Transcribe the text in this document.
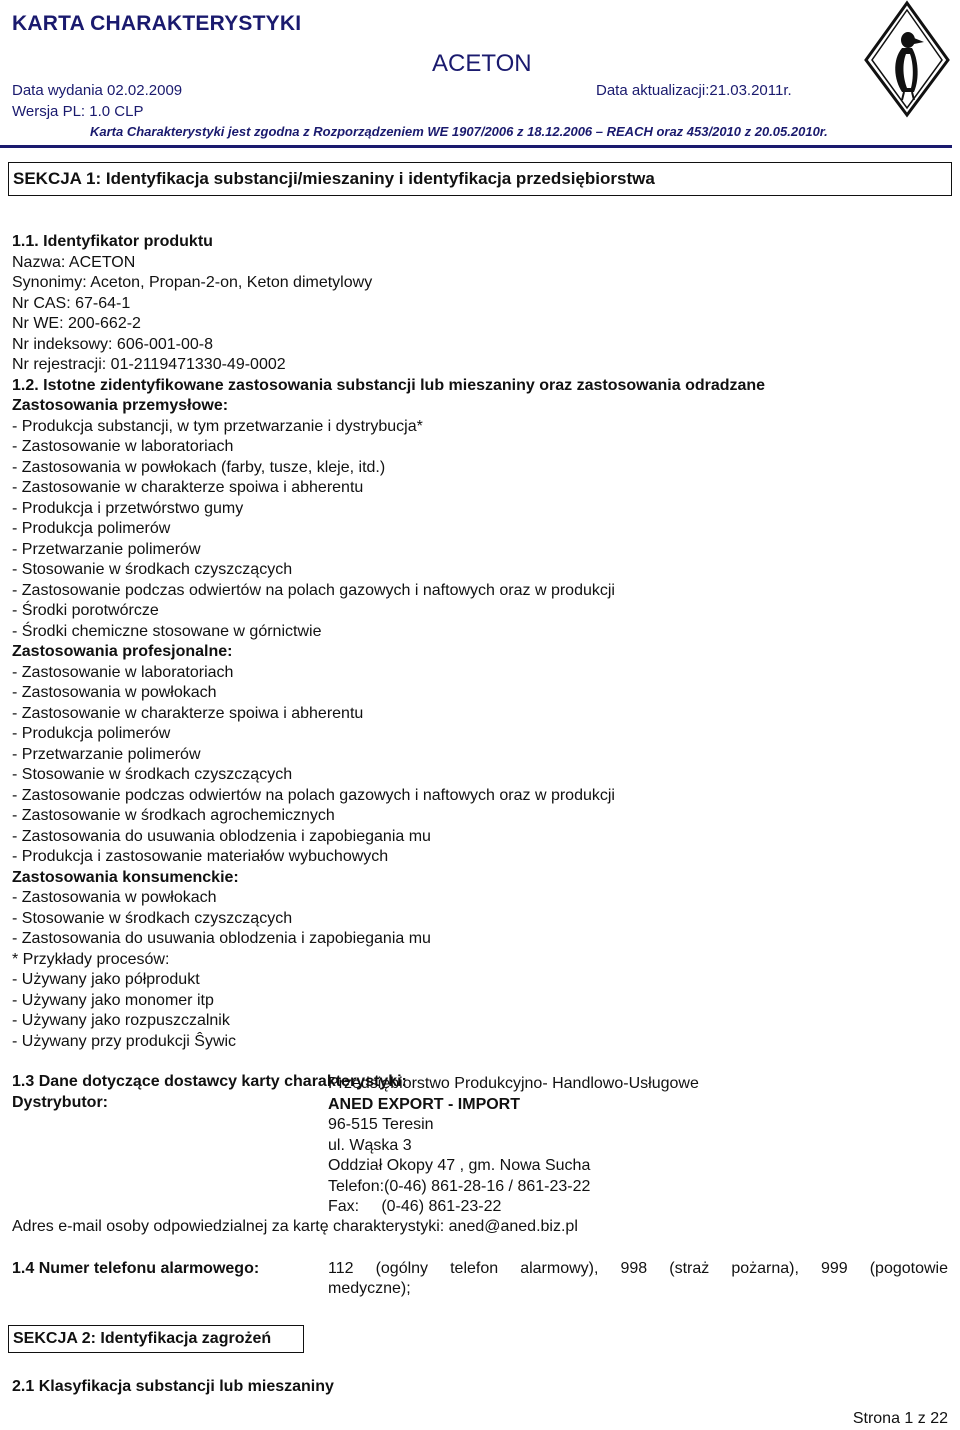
KARTA CHARAKTERYSTYKI
ACETON
Data wydania 02.02.2009	Data aktualizacji:21.03.2011r.
Wersja PL: 1.0 CLP
Karta Charakterystyki jest zgodna z Rozporządzeniem WE 1907/2006 z 18.12.2006 – REACH oraz 453/2010 z 20.05.2010r.
SEKCJA 1: Identyfikacja substancji/mieszaniny i identyfikacja przedsiębiorstwa
1.1. Identyfikator produktu
Nazwa: ACETON
Synonimy: Aceton, Propan-2-on, Keton dimetylowy
Nr CAS: 67-64-1
Nr WE: 200-662-2
Nr indeksowy: 606-001-00-8
Nr rejestracji: 01-2119471330-49-0002
1.2. Istotne zidentyfikowane zastosowania substancji lub mieszaniny oraz zastosowania odradzane
Zastosowania przemysłowe:
- Produkcja substancji, w tym przetwarzanie i dystrybucja*
- Zastosowanie w laboratoriach
- Zastosowania w powłokach (farby, tusze, kleje, itd.)
- Zastosowanie w charakterze spoiwa i abherentu
- Produkcja i przetwórstwo gumy
- Produkcja polimerów
- Przetwarzanie polimerów
- Stosowanie w środkach czyszczących
- Zastosowanie podczas odwiertów na polach gazowych i naftowych oraz w produkcji
- Środki porotwórcze
- Środki chemiczne stosowane w górnictwie
Zastosowania profesjonalne:
- Zastosowanie w laboratoriach
- Zastosowania w powłokach
- Zastosowanie w charakterze spoiwa i abherentu
- Produkcja polimerów
- Przetwarzanie polimerów
- Stosowanie w środkach czyszczących
- Zastosowanie podczas odwiertów na polach gazowych i naftowych oraz w produkcji
- Zastosowanie w środkach agrochemicznych
- Zastosowania do usuwania oblodzenia i zapobiegania mu
- Produkcja i zastosowanie materiałów wybuchowych
Zastosowania konsumenckie:
- Zastosowania w powłokach
- Stosowanie w środkach czyszczących
- Zastosowania do usuwania oblodzenia i zapobiegania mu
* Przykłady procesów:
- Używany jako półprodukt
- Używany jako monomer itp
- Używany jako rozpuszczalnik
- Używany przy produkcji Ŝywic
1.3 Dane dotyczące dostawcy karty charakterystyki:
Dystrybutor:
Przedsiębiorstwo Produkcyjno- Handlowo-Usługowe
ANED EXPORT - IMPORT
96-515 Teresin
ul. Wąska 3
Oddział Okopy 47 , gm. Nowa Sucha
Telefon:(0-46) 861-28-16 / 861-23-22
Fax:     (0-46) 861-23-22
Adres e-mail osoby odpowiedzialnej za kartę charakterystyki: aned@aned.biz.pl
1.4 Numer telefonu alarmowego:	112 (ogólny telefon alarmowy), 998 (straż pożarna), 999 (pogotowie
medyczne);
SEKCJA 2: Identyfikacja zagrożeń
2.1 Klasyfikacja substancji lub mieszaniny
Strona 1 z 22
